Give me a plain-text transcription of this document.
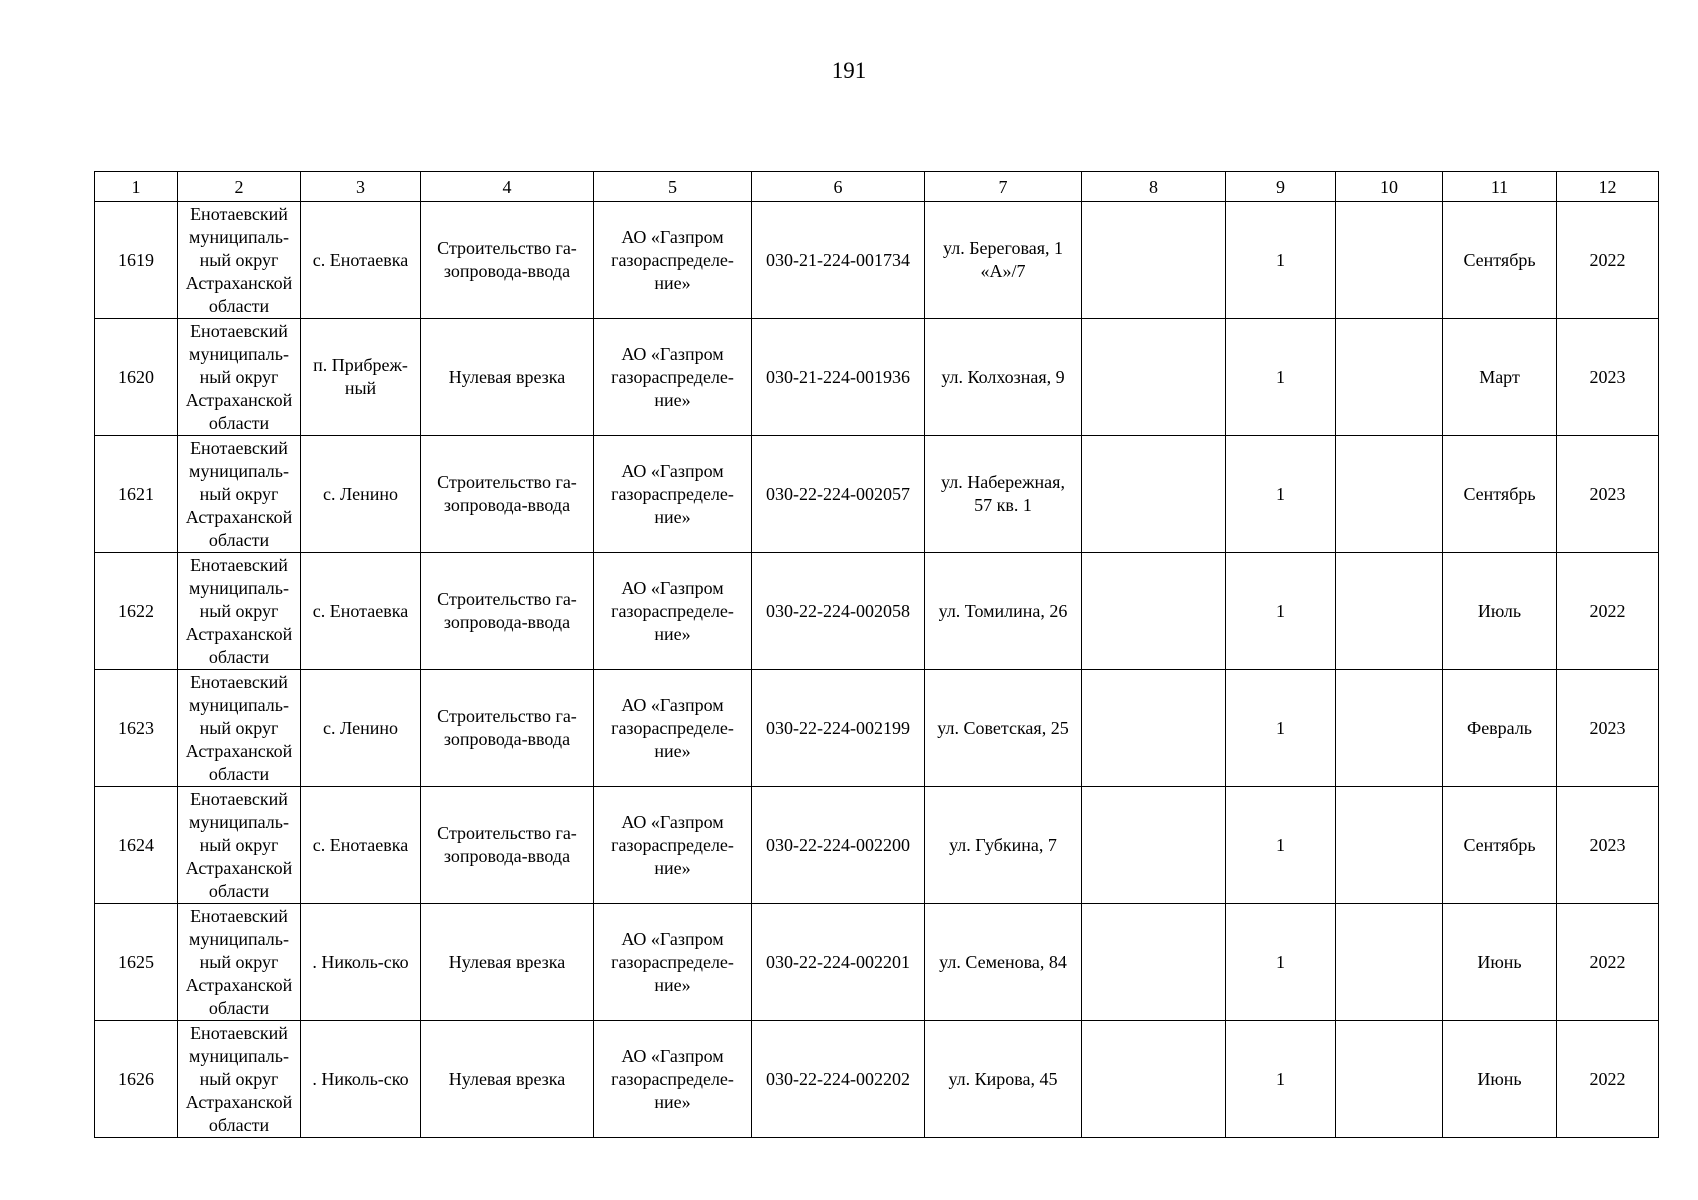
191
1	2	3	4	5	6	7	8	9	10	11	12

1619	Енотаевский
муниципаль-
ный округ
Астраханской
области	с. Енотаевка	Строительство га-
зопровода-ввода	АО «Газпром
газораспределе-
ние»	030-21-224-001734	ул. Береговая, 1
«А»/7		1		Сентябрь	2022

1620	Енотаевский
муниципаль-
ный округ
Астраханской
области	п. Прибреж-
ный	Нулевая врезка	АО «Газпром
газораспределе-
ние»	030-21-224-001936	ул. Колхозная, 9		1		Март	2023

1621	Енотаевский
муниципаль-
ный округ
Астраханской
области	с. Ленино	Строительство га-
зопровода-ввода	АО «Газпром
газораспределе-
ние»	030-22-224-002057	ул. Набережная,
57 кв. 1		1		Сентябрь	2023

1622	Енотаевский
муниципаль-
ный округ
Астраханской
области	с. Енотаевка	Строительство га-
зопровода-ввода	АО «Газпром
газораспределе-
ние»	030-22-224-002058	ул. Томилина, 26		1		Июль	2022

1623	Енотаевский
муниципаль-
ный округ
Астраханской
области	с. Ленино	Строительство га-
зопровода-ввода	АО «Газпром
газораспределе-
ние»	030-22-224-002199	ул. Советская, 25		1		Февраль	2023

1624	Енотаевский
муниципаль-
ный округ
Астраханской
области	с. Енотаевка	Строительство га-
зопровода-ввода	АО «Газпром
газораспределе-
ние»	030-22-224-002200	ул. Губкина, 7		1		Сентябрь	2023

1625	Енотаевский
муниципаль-
ный округ
Астраханской
области	. Николь-ско	Нулевая врезка	АО «Газпром
газораспределе-
ние»	030-22-224-002201	ул. Семенова, 84		1		Июнь	2022

1626	Енотаевский
муниципаль-
ный округ
Астраханской
области	. Николь-ско	Нулевая врезка	АО «Газпром
газораспределе-
ние»	030-22-224-002202	ул. Кирова, 45		1		Июнь	2022
